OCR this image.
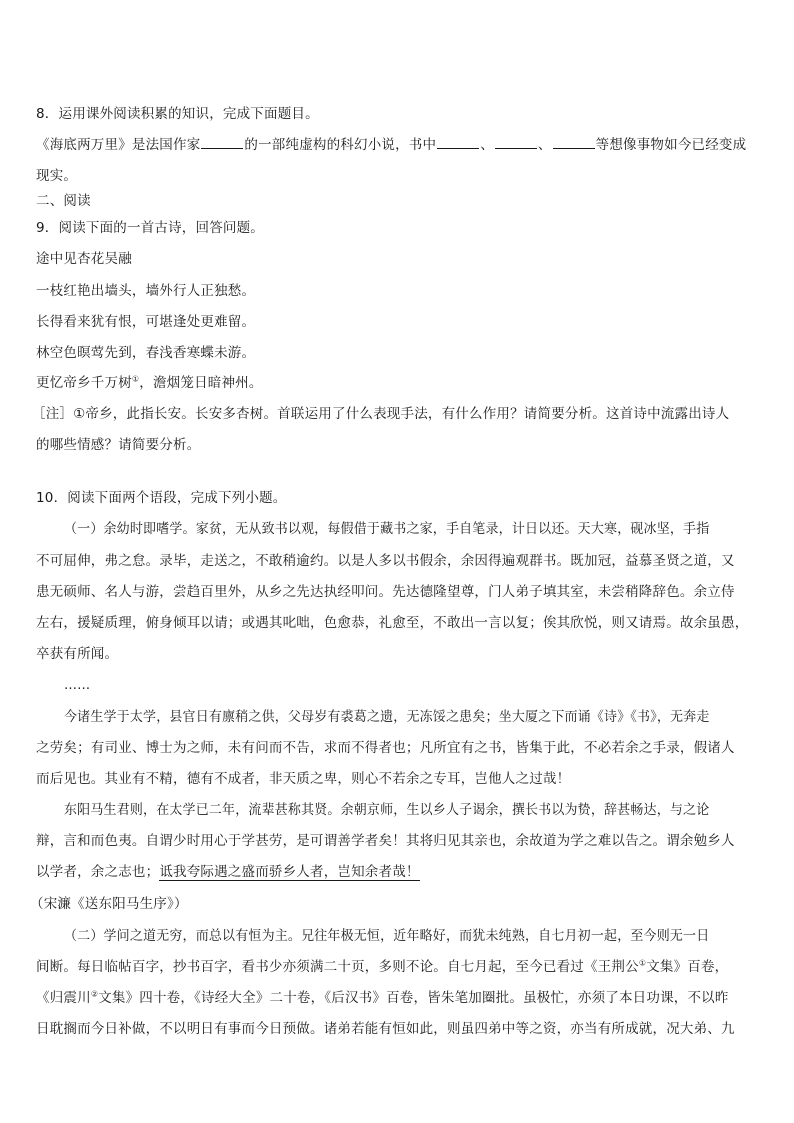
8．运用课外阅读积累的知识，完成下面题目。
《海底两万里》是法国作家	的一部纯虚构的科幻小说，书中	、	、	等想像事物如今已经变成
现实。
二、阅读
9．阅读下面的一首古诗，回答问题。
途中见杏花吴融
一枝红艳出墙头，墙外行人正独愁。
长得看来犹有恨，可堪逢处更难留。
林空色暝莺先到，春浅香寒蝶未游。
更忆帝乡千万树①，澹烟笼日暗神州。
［注］①帝乡，此指长安。长安多杏树。首联运用了什么表现手法，有什么作用？请简要分析。这首诗中流露出诗人
的哪些情感？请简要分析。
10．阅读下面两个语段，完成下列小题。
（一）余幼时即嗜学。家贫，无从致书以观，每假借于藏书之家，手自笔录，计日以还。天大寒，砚冰坚，手指
不可屈伸，弗之怠。录毕，走送之，不敢稍逾约。以是人多以书假余，余因得遍观群书。既加冠，益慕圣贤之道，又
患无硕师、名人与游，尝趋百里外，从乡之先达执经叩问。先达德隆望尊，门人弟子填其室，未尝稍降辞色。余立侍
左右，援疑质理，俯身倾耳以请；或遇其叱咄，色愈恭，礼愈至，不敢出一言以复；俟其欣悦，则又请焉。故余虽愚，
卒获有所闻。
……
今诸生学于太学，县官日有廪稍之供，父母岁有裘葛之遗，无冻馁之患矣；坐大厦之下而诵《诗》《书》，无奔走
之劳矣；有司业、博士为之师，未有问而不告，求而不得者也；凡所宜有之书，皆集于此，不必若余之手录，假诸人
而后见也。其业有不精，德有不成者，非天质之卑，则心不若余之专耳，岂他人之过哉！
东阳马生君则，在太学已二年，流辈甚称其贤。余朝京师，生以乡人子谒余，撰长书以为贽，辞甚畅达，与之论
辩，言和而色夷。自谓少时用心于学甚劳，是可谓善学者矣！其将归见其亲也，余故道为学之难以告之。谓余勉乡人
以学者，余之志也；诋我夸际遇之盛而骄乡人者，岂知余者哉！
（宋濂《送东阳马生序》）
（二）学问之道无穷，而总以有恒为主。兄往年极无恒，近年略好，而犹未纯熟，自七月初一起，至今则无一日
间断。每日临帖百字，抄书百字，看书少亦须满二十页，多则不论。自七月起，至今已看过《王荆公①文集》百卷，
《归震川②文集》四十卷，《诗经大全》二十卷，《后汉书》百卷，皆朱笔加圈批。虽极忙，亦须了本日功课，不以昨
日耽搁而今日补做，不以明日有事而今日预做。诸弟若能有恒如此，则虽四弟中等之资，亦当有所成就，况大弟、九
